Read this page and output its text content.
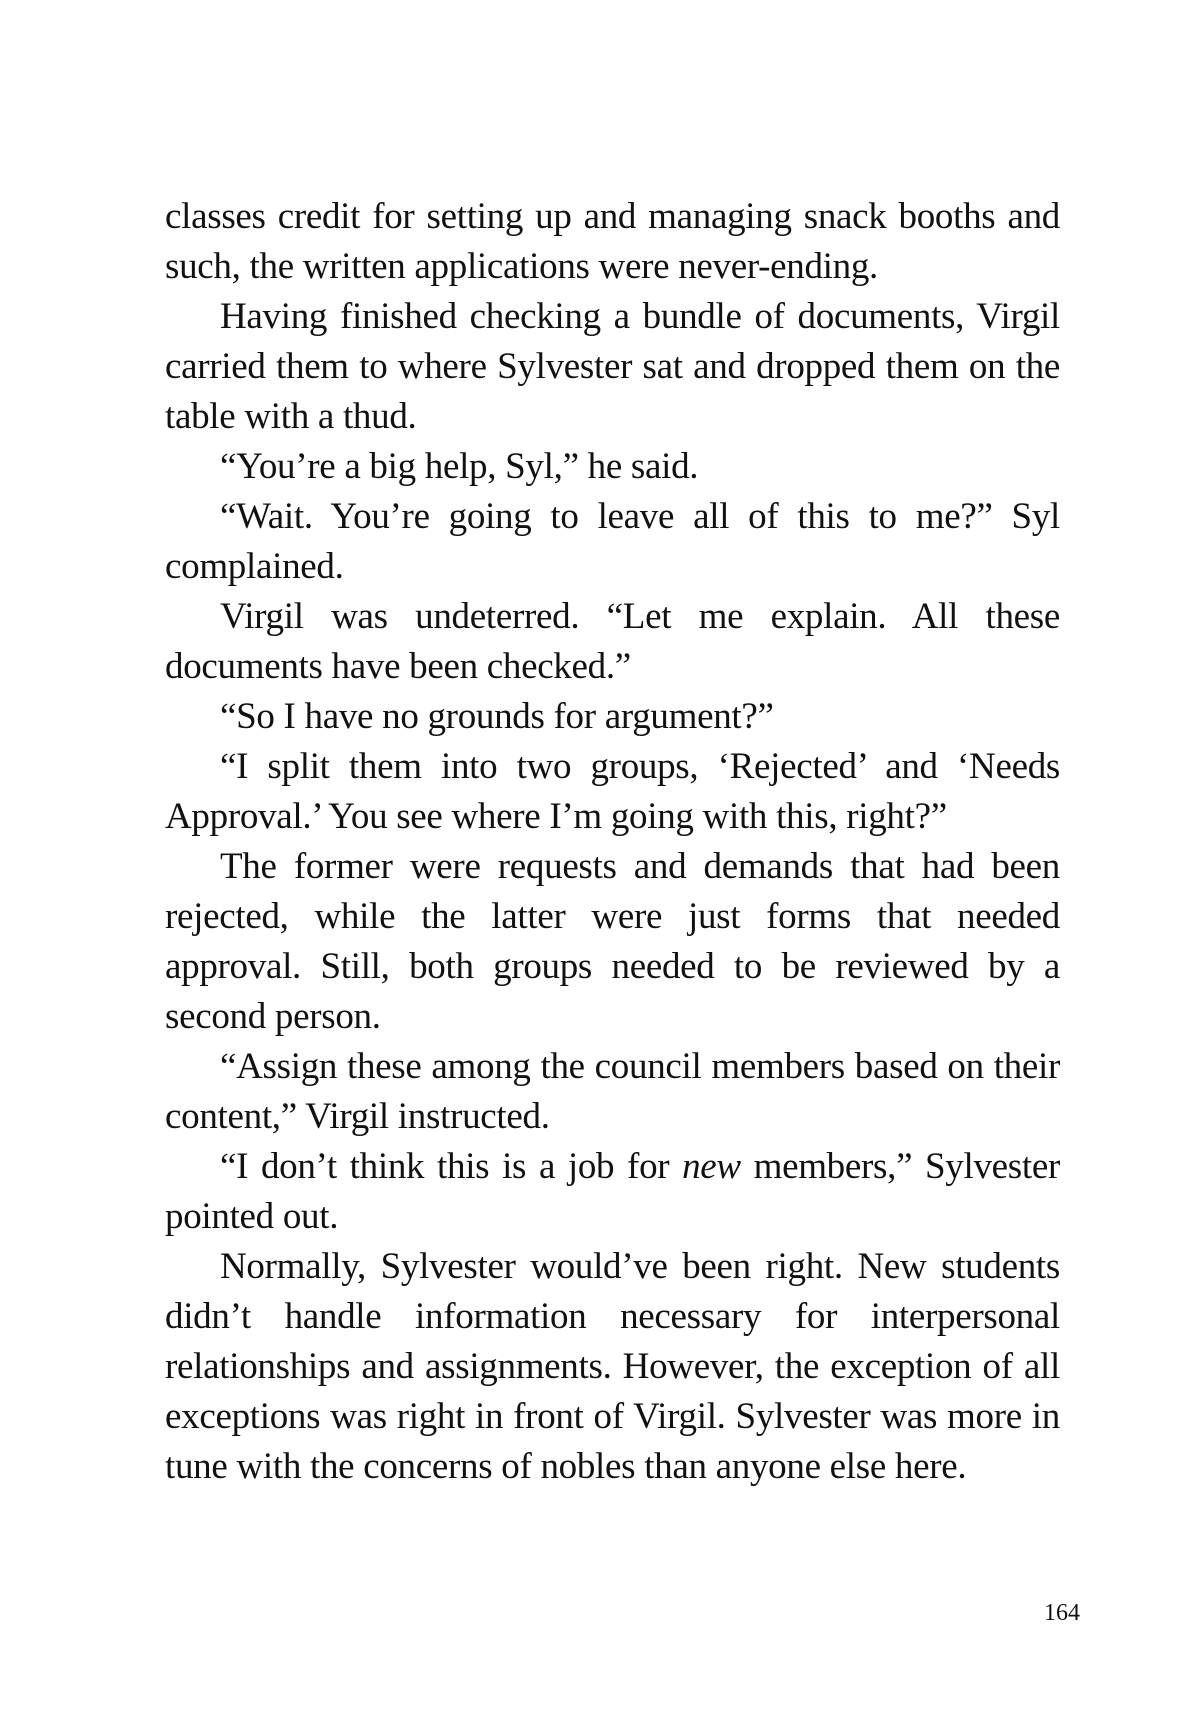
classes credit for setting up and managing snack booths and such, the written applications were never-ending.

Having finished checking a bundle of documents, Virgil carried them to where Sylvester sat and dropped them on the table with a thud.

“You’re a big help, Syl,” he said.

“Wait. You’re going to leave all of this to me?” Syl complained.

Virgil was undeterred. “Let me explain. All these documents have been checked.”

“So I have no grounds for argument?”

“I split them into two groups, ‘Rejected’ and ‘Needs Approval.’ You see where I’m going with this, right?”

The former were requests and demands that had been rejected, while the latter were just forms that needed approval. Still, both groups needed to be reviewed by a second person.

“Assign these among the council members based on their content,” Virgil instructed.

“I don’t think this is a job for new members,” Sylvester pointed out.

Normally, Sylvester would’ve been right. New students didn’t handle information necessary for interpersonal relationships and assignments. However, the exception of all exceptions was right in front of Virgil. Sylvester was more in tune with the concerns of nobles than anyone else here.

164
